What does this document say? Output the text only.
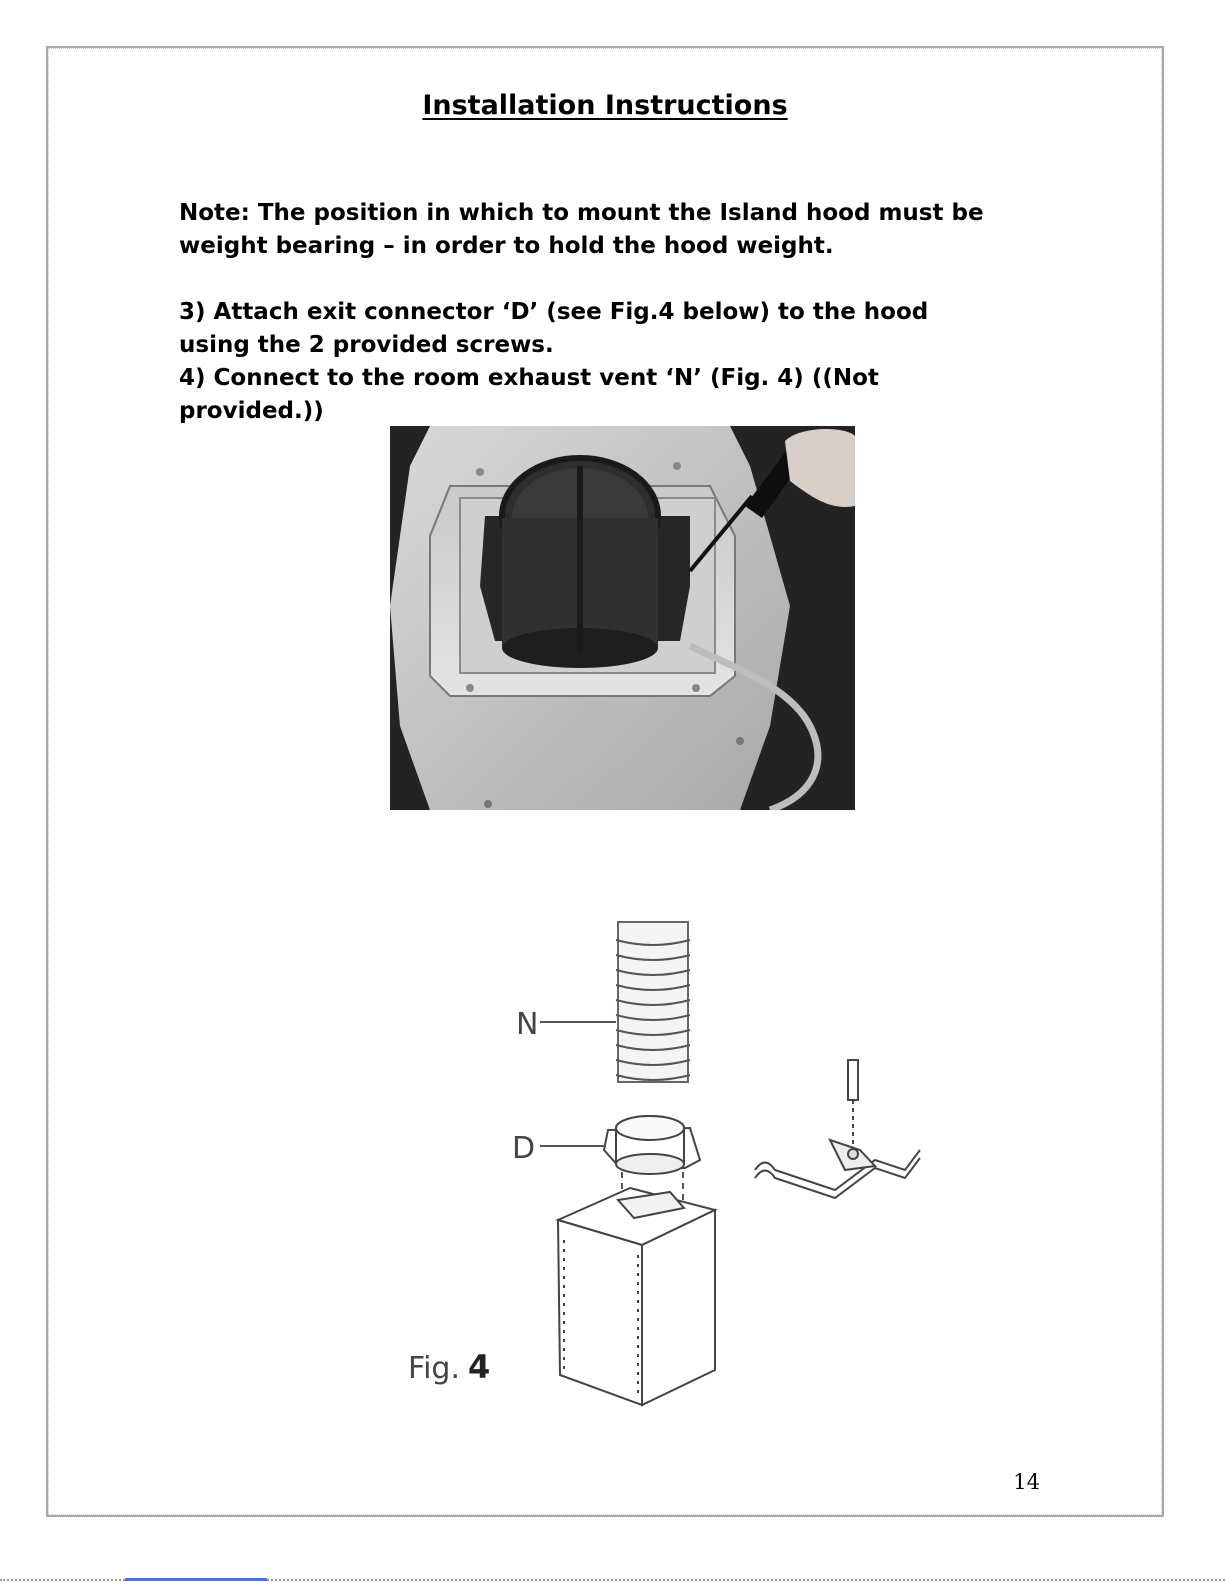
Installation Instructions
Note: The position in which to mount the Island hood must be
weight bearing – in order to hold the hood weight.
3) Attach exit connector ‘D’ (see Fig.4 below) to the hood
using the 2 provided screws.
4) Connect to the room exhaust vent ‘N’ (Fig. 4) ((Not
provided.))
N
D
Fig. 4
14
